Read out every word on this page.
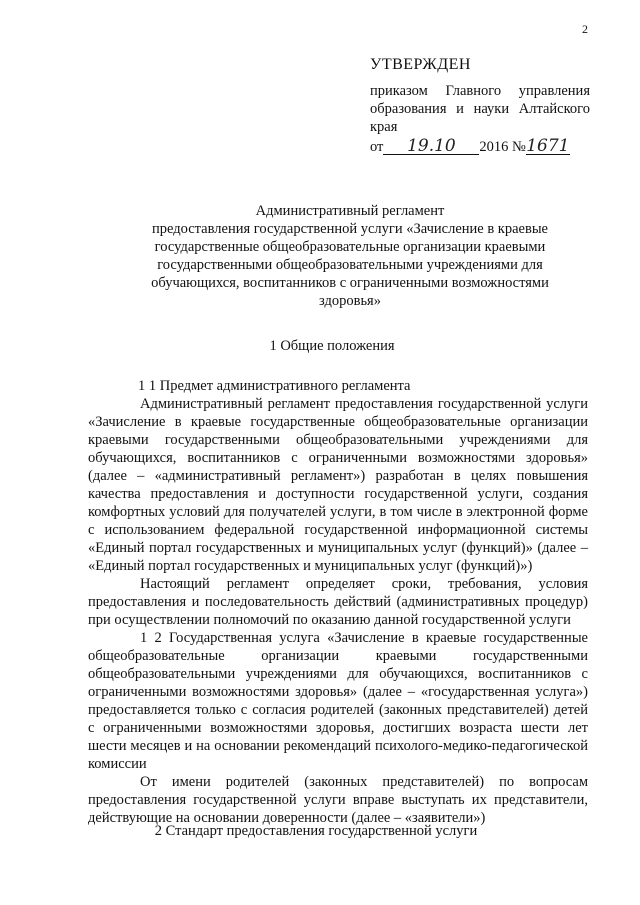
2
УТВЕРЖДЕН
приказом Главного управления
образования и науки Алтайского
края
от	19.10	2016 № 1671
Административный регламент
предоставления государственной услуги «Зачисление в краевые государственные общеобразовательные организации краевыми государственными общеобразовательными учреждениями для обучающихся, воспитанников с ограниченными возможностями здоровья»
1 Общие положения

1 1 Предмет административного регламента

Административный регламент предоставления государственной услуги «Зачисление в краевые государственные общеобразовательные организации краевыми государственными общеобразовательными учреждениями для обучающихся, воспитанников с ограниченными возможностями здоровья» (далее – «административный регламент») разработан в целях повышения качества предоставления и доступности государственной услуги, создания комфортных условий для получателей услуги, в том числе в электронной форме с использованием федеральной государственной информационной системы «Единый портал государственных и муниципальных услуг (функций)» (далее – «Единый портал государственных и муниципальных услуг (функций)»)

Настоящий регламент определяет сроки, требования, условия предоставления и последовательность действий (административных процедур) при осуществлении полномочий по оказанию данной государственной услуги

1 2 Государственная услуга «Зачисление в краевые государственные общеобразовательные организации краевыми государственными общеобразовательными учреждениями для обучающихся, воспитанников с ограниченными возможностями здоровья» (далее – «государственная услуга») предоставляется только с согласия родителей (законных представителей) детей с ограниченными возможностями здоровья, достигших возраста шести лет шести месяцев и на основании рекомендаций психолого-медико-педагогической комиссии

От имени родителей (законных представителей) по вопросам предоставления государственной услуги вправе выступать их представители, действующие на основании доверенности (далее – «заявители»)

2 Стандарт предоставления государственной услуги
